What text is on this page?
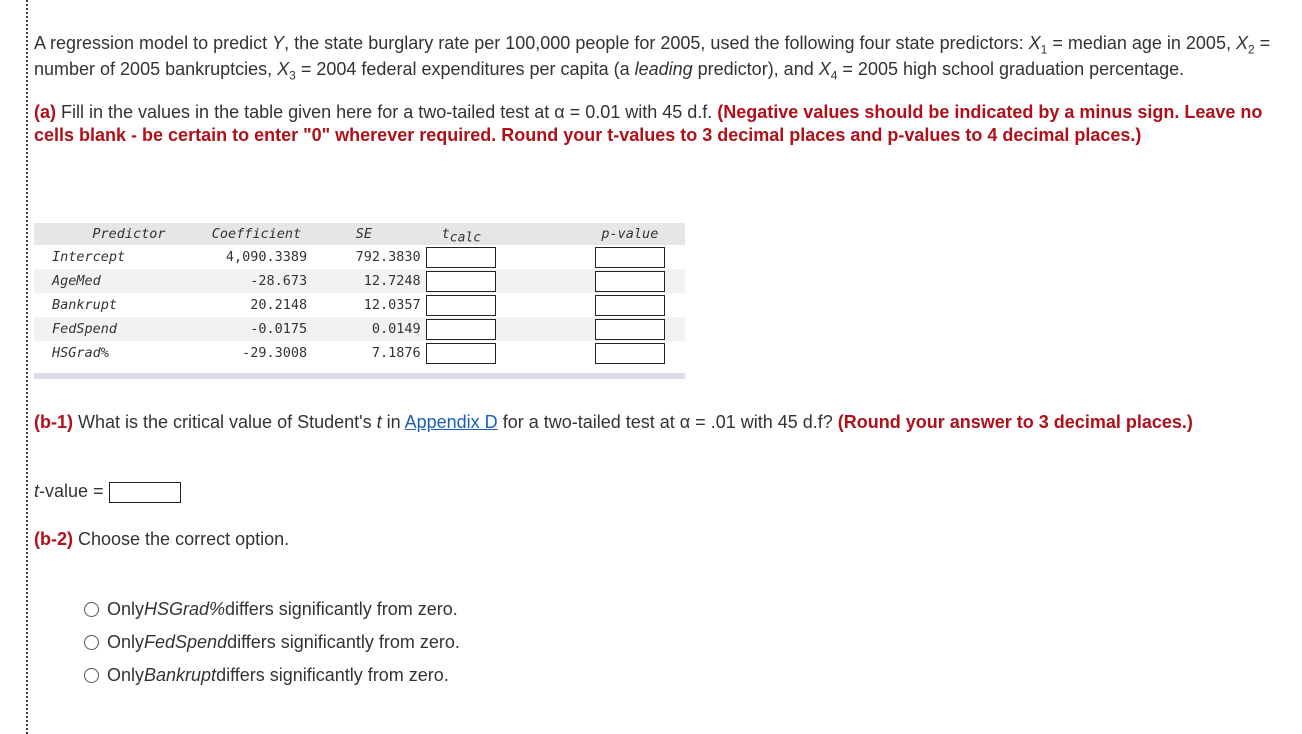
A regression model to predict Y, the state burglary rate per 100,000 people for 2005, used the following four state predictors: $X_1$ = median age in 2005, $X_2$ = number of 2005 bankruptcies, $X_3 = 2004$ federal expenditures per capita (a leading predictor), and $X_4 = 2005$ high school graduation percentage.

(a) Fill in the values in the table given here for a two-tailed test at α = 0.01 with 45 d.f. (Negative values should be indicated by a minus sign. Leave no cells blank - be certain to enter "0" wherever required. Round your t-values to 3 decimal places and p-values to 4 decimal places.)

Predictor	Coefficient	SE	$t_{calc}$		p-value	
Intercept	4,090.3389	792.3830	

AgeMed	-28.673	12.7248	

Bankrupt	20.2148	12.0357	

FedSpend	-0.0175	0.0149	

HSGrad%	-29.3008	7.1876	

(b-1) What is the critical value of Student's t in Appendix D for a two-tailed test at α = .01 with 45 d.f? (Round your answer to 3 decimal places.)

t-value =
(b-2) Choose the correct option.
Only HSGrad% differs significantly from zero.
Only FedSpend differs significantly from zero.
Only Bankrupt differs significantly from zero.
